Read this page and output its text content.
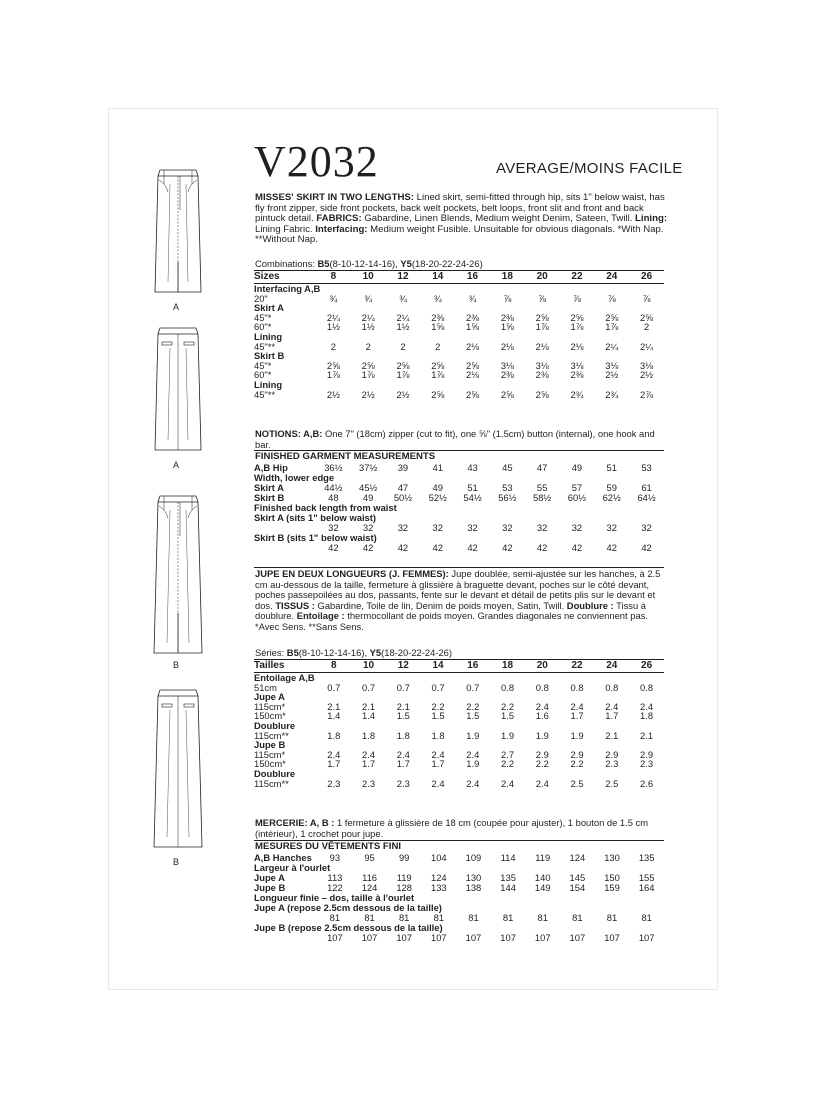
A
A
B
B
V2032	AVERAGE/MOINS FACILE
MISSES' SKIRT IN TWO LENGTHS: Lined skirt, semi-fitted through hip, sits 1" below waist, has fly front zipper, side front pockets, back welt pockets, belt loops, front slit and front and back pintuck detail. FABRICS: Gabardine, Linen Blends, Medium weight Denim, Sateen, Twill. Lining: Lining Fabric. Interfacing: Medium weight Fusible. Unsuitable for obvious diagonals. *With Nap. **Without Nap.
Combinations: B5(8-10-12-14-16), Y5(18-20-22-24-26)
Sizes	8	10	12	14	16	18	20	22	24	26
Interfacing A,B										
20"	¾	¾	¾	¾	¾	⅞	⅞	⅞	⅞	⅞
Skirt A										
45"*	2¼	2¼	2¼	2⅜	2⅜	2⅜	2⅝	2⅝	2⅝	2⅝
60"*	1½	1½	1½	1⅝	1⅝	1⅝	1⅞	1⅞	1⅞	2
Lining										
45"**	2	2	2	2	2⅛	2⅛	2⅛	2⅛	2¼	2¼
Skirt B										
45"*	2⅝	2⅝	2⅝	2⅝	2⅝	3⅛	3⅛	3⅛	3⅛	3⅛
60"*	1⅞	1⅞	1⅞	1⅞	2⅛	2⅜	2⅜	2⅜	2½	2½
Lining										
45"**	2½	2½	2½	2⅝	2⅝	2⅝	2⅝	2¾	2¾	2⅞
NOTIONS: A,B: One 7" (18cm) zipper (cut to fit), one ⅝" (1.5cm) button (internal), one hook and bar.
FINISHED GARMENT MEASUREMENTS
A,B Hip	36½	37½	39	41	43	45	47	49	51	53
Width, lower edge										
Skirt A	44½	45½	47	49	51	53	55	57	59	61
Skirt B	48	49	50½	52½	54½	56½	58½	60½	62½	64½
Finished back length from waist										
Skirt A (sits 1" below waist)										
	32	32	32	32	32	32	32	32	32	32
Skirt B (sits 1" below waist)										
	42	42	42	42	42	42	42	42	42	42
JUPE EN DEUX LONGUEURS (J. FEMMES): Jupe doublée, semi-ajustée sur les hanches, à 2.5 cm au-dessous de la taille, fermeture à glissière à braguette devant, poches sur le côté devant, poches passepoilées au dos, passants, fente sur le devant et détail de petits plis sur le devant et dos. TISSUS : Gabardine, Toile de lin, Denim de poids moyen, Satin, Twill. Doublure : Tissu à doublure. Entoilage : thermocollant de poids moyen. Grandes diagonales ne conviennent pas. *Avec Sens. **Sans Sens.
Séries: B5(8-10-12-14-16), Y5(18-20-22-24-26)
Tailles	8	10	12	14	16	18	20	22	24	26
Entoilage A,B										
51cm	0.7	0.7	0.7	0.7	0.7	0.8	0.8	0.8	0.8	0.8
Jupe A										
115cm*	2.1	2.1	2.1	2.2	2.2	2.2	2.4	2.4	2.4	2.4
150cm*	1.4	1.4	1.5	1.5	1.5	1.5	1.6	1.7	1.7	1.8
Doublure										
115cm**	1.8	1.8	1.8	1.8	1.9	1.9	1.9	1.9	2.1	2.1
Jupe B										
115cm*	2.4	2.4	2.4	2.4	2.4	2.7	2.9	2.9	2.9	2.9
150cm*	1.7	1.7	1.7	1.7	1.9	2.2	2.2	2.2	2.3	2.3
Doublure										
115cm**	2.3	2.3	2.3	2.4	2.4	2.4	2.4	2.5	2.5	2.6
MERCERIE: A, B : 1 fermeture à glissière de 18 cm (coupée pour ajuster), 1 bouton de 1.5 cm (intérieur), 1 crochet pour jupe.
MESURES DU VÊTEMENTS FINI
A,B Hanches	93	95	99	104	109	114	119	124	130	135
Largeur à l'ourlet										
Jupe A	113	116	119	124	130	135	140	145	150	155
Jupe B	122	124	128	133	138	144	149	154	159	164
Longueur finie – dos, taille à l'ourlet										
Jupe A (repose 2.5cm dessous de la taille)										
	81	81	81	81	81	81	81	81	81	81
Jupe B (repose 2.5cm dessous de la taille)										
	107	107	107	107	107	107	107	107	107	107
